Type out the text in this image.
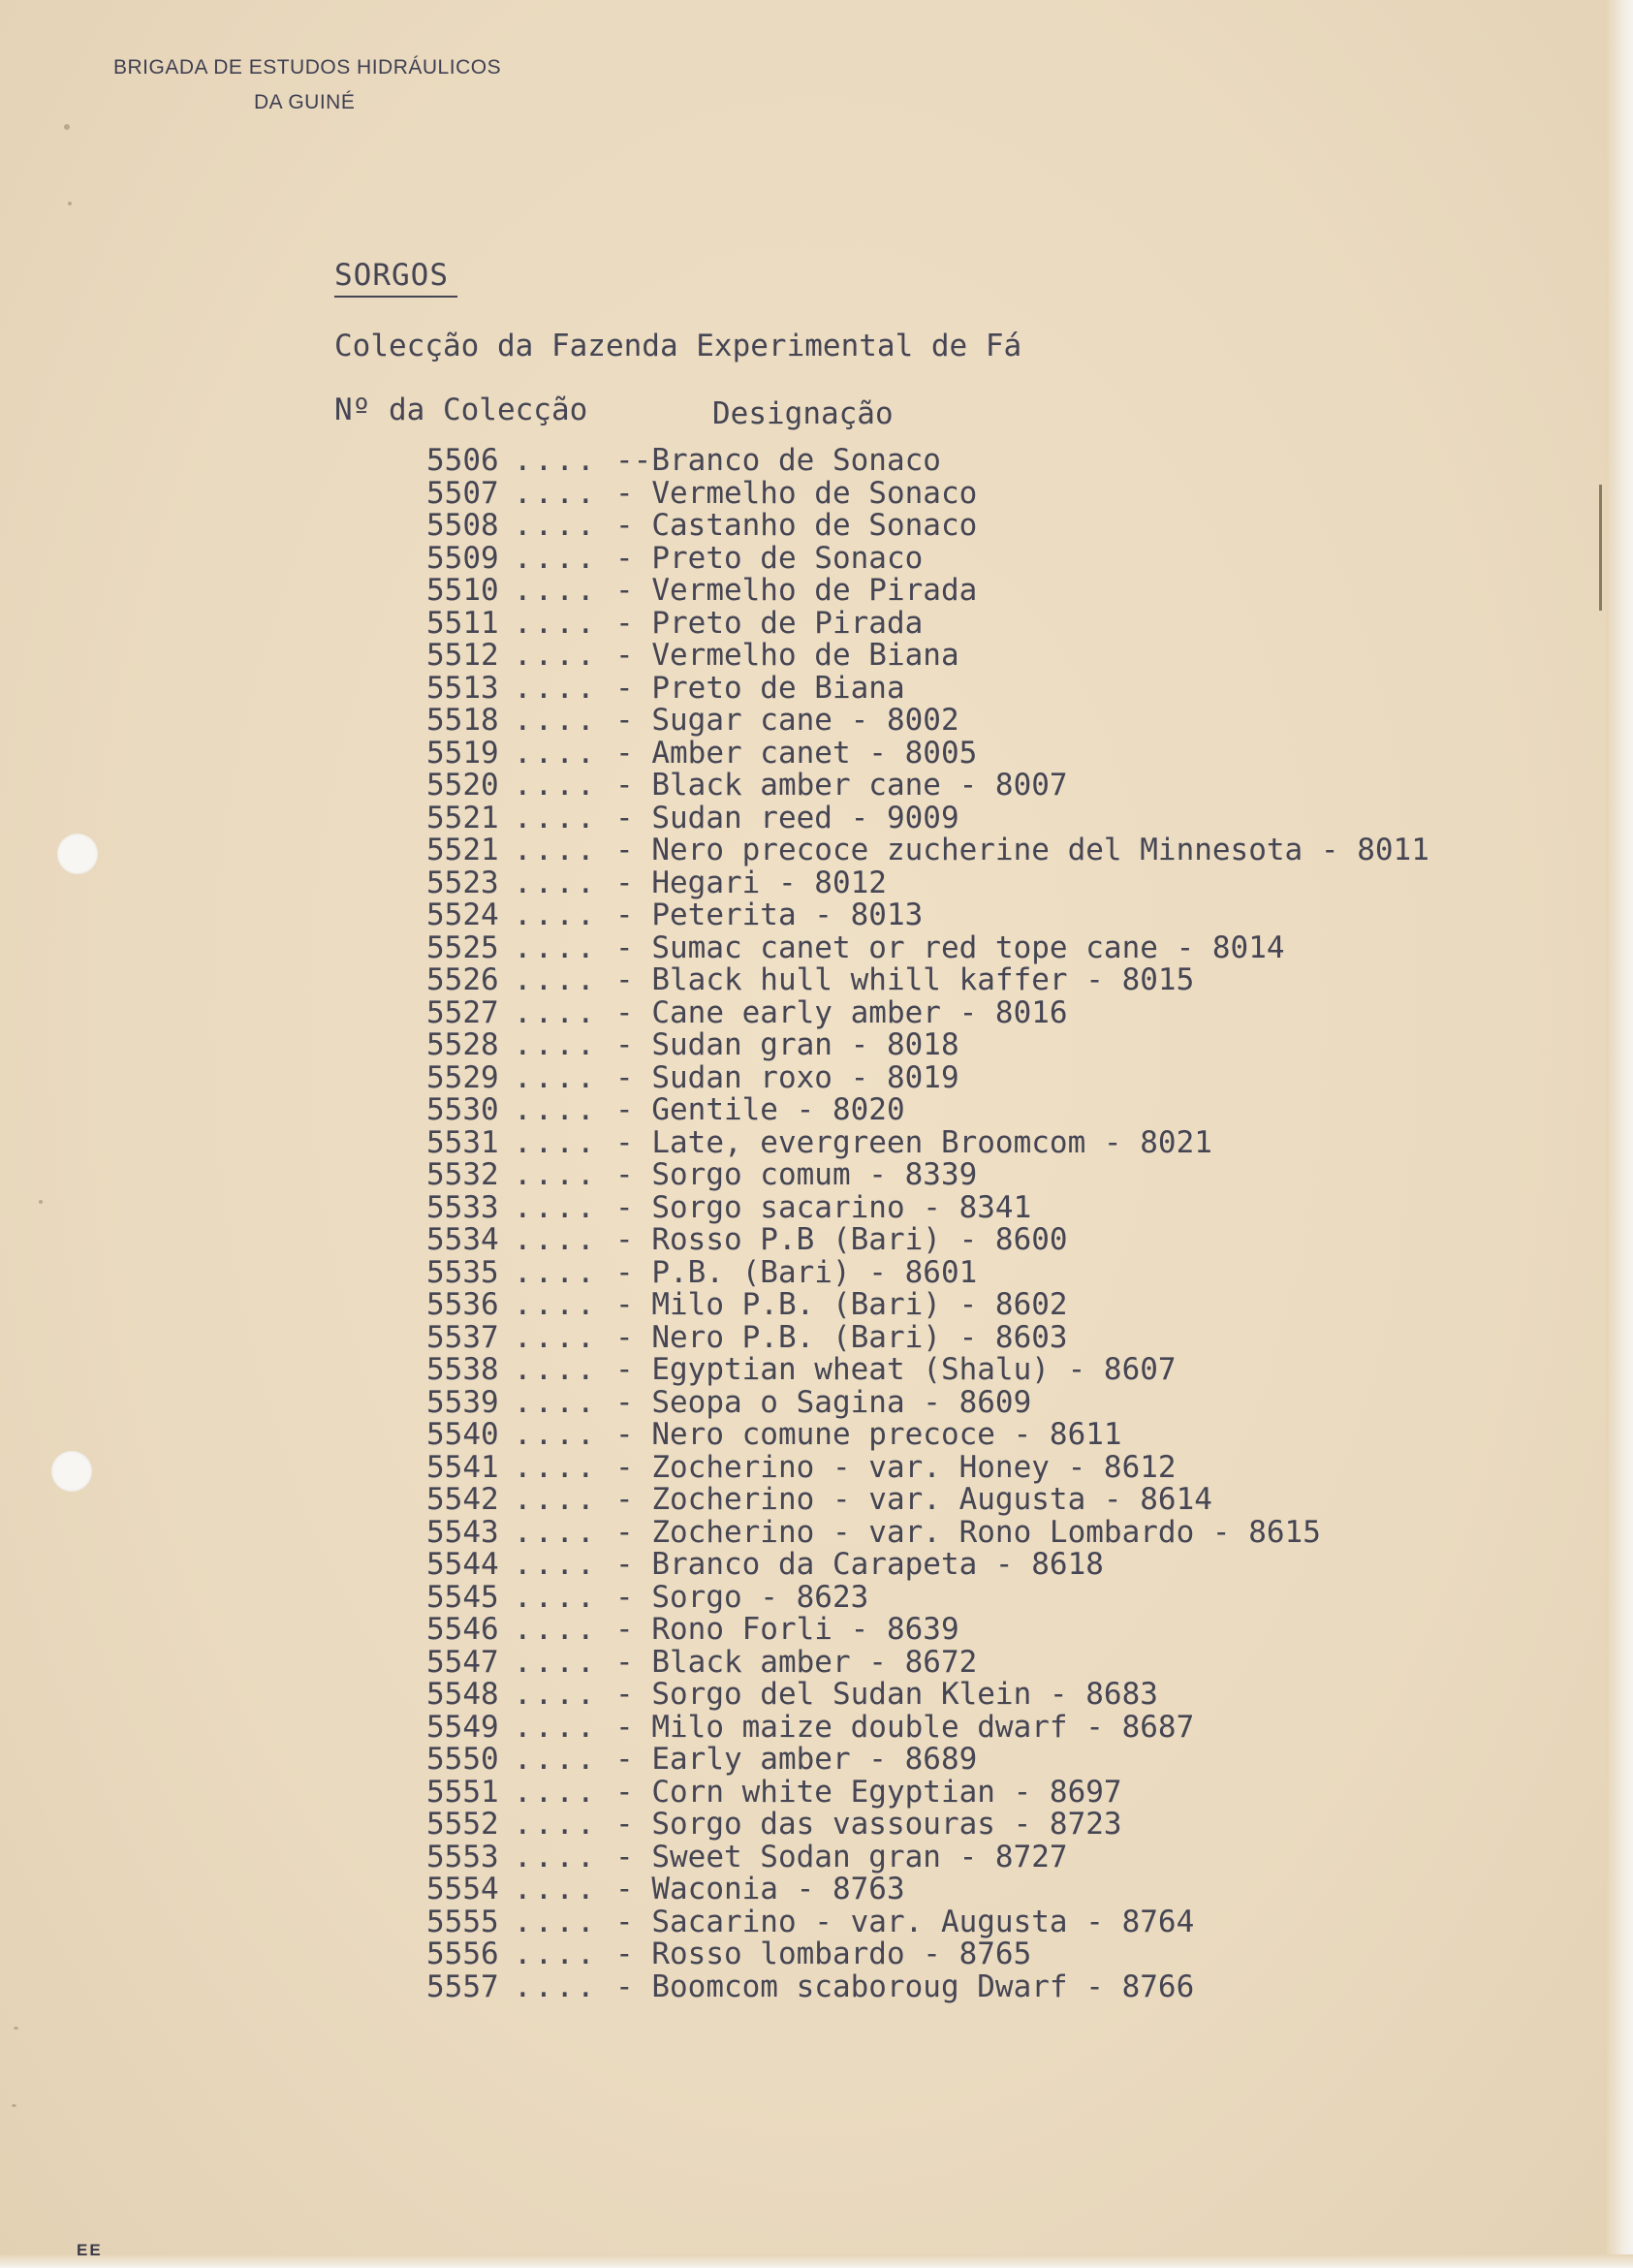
BRIGADA DE ESTUDOS HIDRÁULICOS
DA GUINÉ
SORGOS
Colecção da Fazenda Experimental de Fá
Nº da Colecção	Designação
5506 .... --Branco de Sonaco
5507 .... - Vermelho de Sonaco
5508 .... - Castanho de Sonaco
5509 .... - Preto de Sonaco
5510 .... - Vermelho de Pirada
5511 .... - Preto de Pirada
5512 .... - Vermelho de Biana
5513 .... - Preto de Biana
5518 .... - Sugar cane - 8002
5519 .... - Amber canet - 8005
5520 .... - Black amber cane - 8007
5521 .... - Sudan reed - 9009
5521 .... - Nero precoce zucherine del Minnesota - 8011
5523 .... - Hegari - 8012
5524 .... - Peterita - 8013
5525 .... - Sumac canet or red tope cane - 8014
5526 .... - Black hull whill kaffer - 8015
5527 .... - Cane early amber - 8016
5528 .... - Sudan gran - 8018
5529 .... - Sudan roxo - 8019
5530 .... - Gentile - 8020
5531 .... - Late, evergreen Broomcom - 8021
5532 .... - Sorgo comum - 8339
5533 .... - Sorgo sacarino - 8341
5534 .... - Rosso P.B (Bari) - 8600
5535 .... - P.B. (Bari) - 8601
5536 .... - Milo P.B. (Bari) - 8602
5537 .... - Nero P.B. (Bari) - 8603
5538 .... - Egyptian wheat (Shalu) - 8607
5539 .... - Seopa o Sagina - 8609
5540 .... - Nero comune precoce - 8611
5541 .... - Zocherino - var. Honey - 8612
5542 .... - Zocherino - var. Augusta - 8614
5543 .... - Zocherino - var. Rono Lombardo - 8615
5544 .... - Branco da Carapeta - 8618
5545 .... - Sorgo - 8623
5546 .... - Rono Forli - 8639
5547 .... - Black amber - 8672
5548 .... - Sorgo del Sudan Klein - 8683
5549 .... - Milo maize double dwarf - 8687
5550 .... - Early amber - 8689
5551 .... - Corn white Egyptian - 8697
5552 .... - Sorgo das vassouras - 8723
5553 .... - Sweet Sodan gran - 8727
5554 .... - Waconia - 8763
5555 .... - Sacarino - var. Augusta - 8764
5556 .... - Rosso lombardo - 8765
5557 .... - Boomcom scaboroug Dwarf - 8766
EE
